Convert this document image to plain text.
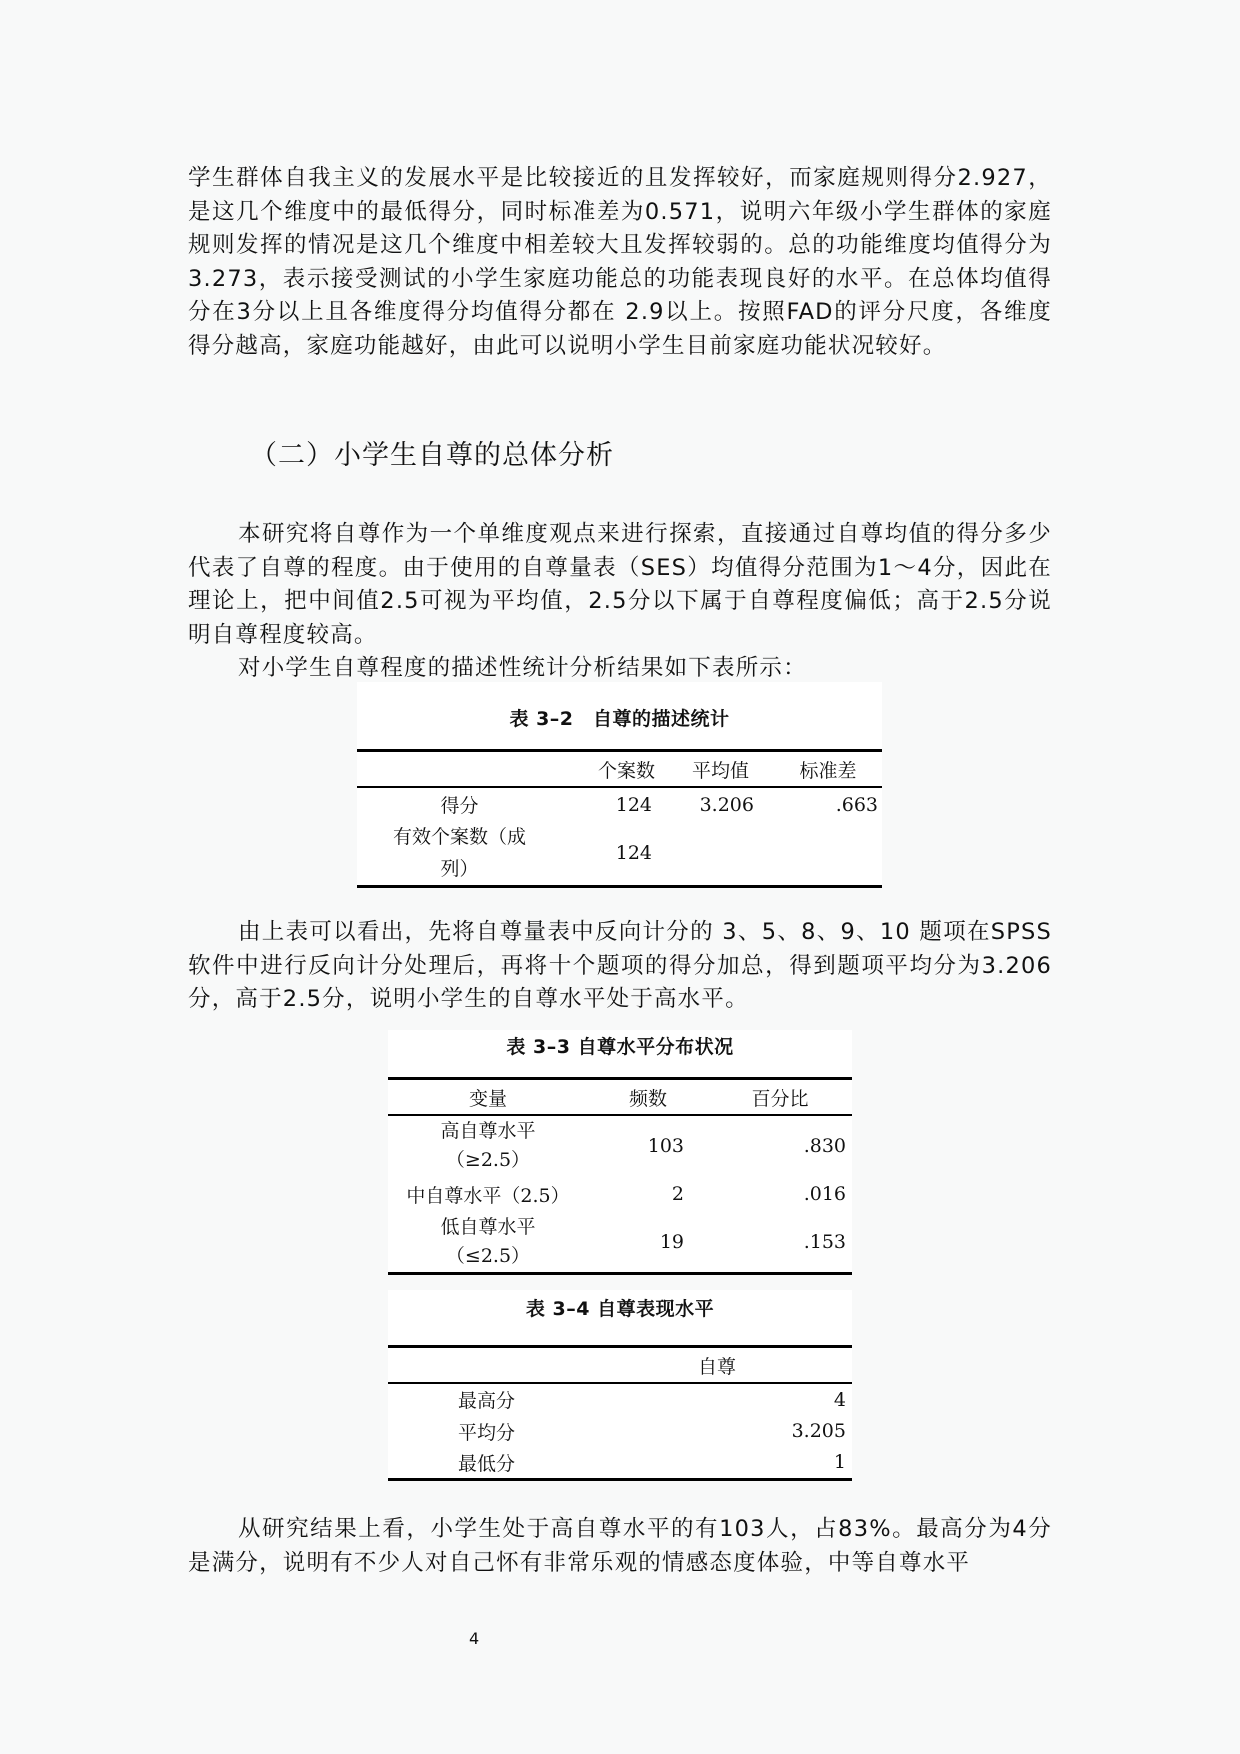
学生群体自我主义的发展水平是比较接近的且发挥较好，而家庭规则得分2.927，是这几个维度中的最低得分，同时标准差为0.571，说明六年级小学生群体的家庭规则发挥的情况是这几个维度中相差较大且发挥较弱的。总的功能维度均值得分为 3.273，表示接受测试的小学生家庭功能总的功能表现良好的水平。在总体均值得分在3分以上且各维度得分均值得分都在 2.9以上。按照FAD的评分尺度，各维度得分越高，家庭功能越好，由此可以说明小学生目前家庭功能状况较好。

（二）小学生自尊的总体分析

本研究将自尊作为一个单维度观点来进行探索，直接通过自尊均值的得分多少代表了自尊的程度。由于使用的自尊量表（SES）均值得分范围为1～4分，因此在理论上，把中间值2.5可视为平均值，2.5分以下属于自尊程度偏低；高于2.5分说明自尊程度较高。

对小学生自尊程度的描述性统计分析结果如下表所示：

表 3–2　自尊的描述统计
	个案数	平均值	标准差
得分	124	3.206	.663
有效个案数（成列）	124		

由上表可以看出，先将自尊量表中反向计分的 3、5、8、9、10 题项在SPSS软件中进行反向计分处理后，再将十个题项的得分加总，得到题项平均分为3.206分，高于2.5分，说明小学生的自尊水平处于高水平。

表 3–3 自尊水平分布状况
变量	频数	百分比
高自尊水平（≥2.5）	103	.830
中自尊水平（2.5）	2	.016
低自尊水平（≤2.5）	19	.153
表 3–4 自尊表现水平
	自尊
最高分	4
平均分	3.205
最低分	1

从研究结果上看，小学生处于高自尊水平的有103人，占83%。最高分为4分是满分，说明有不少人对自己怀有非常乐观的情感态度体验，中等自尊水平

4
